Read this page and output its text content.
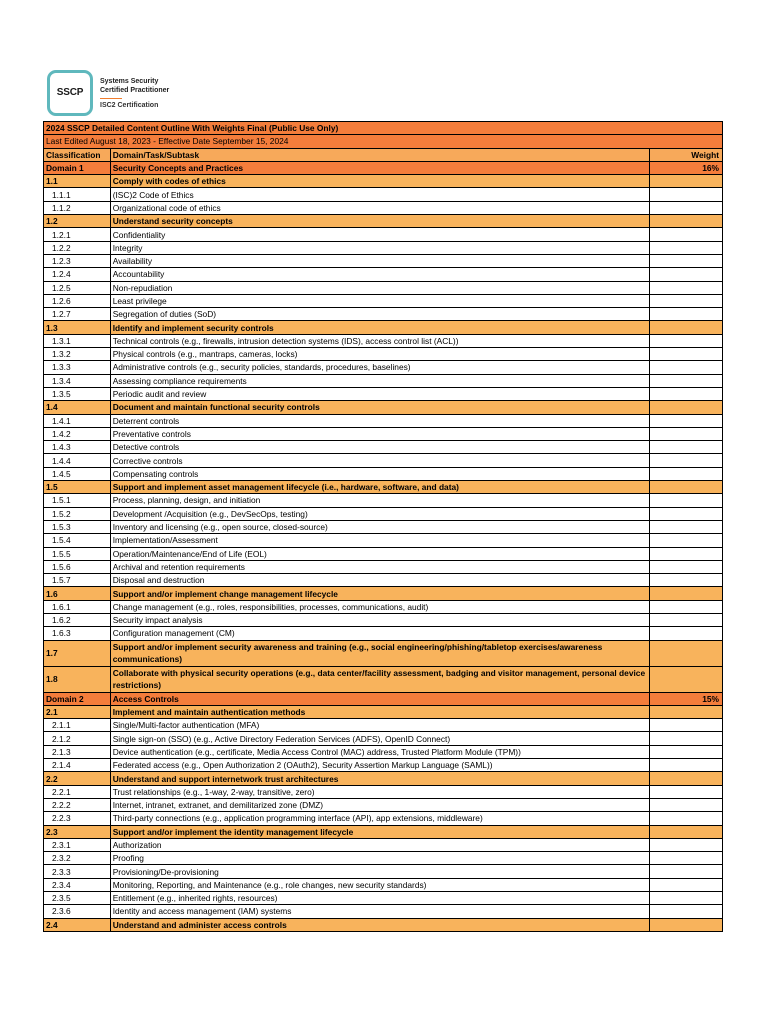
SSCP
Systems Security
Certified Practitioner
ISC2 Certification
2024 SSCP Detailed Content Outline With Weights Final (Public Use Only)		
Last Edited August 18, 2023 - Effective Date September 15, 2024		
Classification	Domain/Task/Subtask	Weight
Domain 1	Security Concepts and Practices	16%
1.1	Comply with codes of ethics	
1.1.1	(ISC)2 Code of Ethics	
1.1.2	Organizational code of ethics	
1.2	Understand security concepts	
1.2.1	Confidentiality	
1.2.2	Integrity	
1.2.3	Availability	
1.2.4	Accountability	
1.2.5	Non-repudiation	
1.2.6	Least privilege	
1.2.7	Segregation of duties (SoD)	
1.3	Identify and implement security controls	
1.3.1	Technical controls (e.g., firewalls, intrusion detection systems (IDS), access control list (ACL))	
1.3.2	Physical controls (e.g., mantraps, cameras, locks)	
1.3.3	Administrative controls (e.g., security policies, standards, procedures, baselines)	
1.3.4	Assessing compliance requirements	
1.3.5	Periodic audit and review	
1.4	Document and maintain functional security controls	
1.4.1	Deterrent controls	
1.4.2	Preventative controls	
1.4.3	Detective controls	
1.4.4	Corrective controls	
1.4.5	Compensating controls	
1.5	Support and implement asset management lifecycle (i.e., hardware, software, and data)	
1.5.1	Process, planning, design, and initiation	
1.5.2	Development /Acquisition (e.g., DevSecOps, testing)	
1.5.3	Inventory and licensing (e.g., open source, closed-source)	
1.5.4	Implementation/Assessment	
1.5.5	Operation/Maintenance/End of Life (EOL)	
1.5.6	Archival and retention requirements	
1.5.7	Disposal and destruction	
1.6	Support and/or implement change management lifecycle	
1.6.1	Change management (e.g., roles, responsibilities, processes, communications, audit)	
1.6.2	Security impact analysis	
1.6.3	Configuration management (CM)	
1.7	Support and/or implement security awareness and training (e.g., social engineering/phishing/tabletop exercises/awareness communications)	
1.8	Collaborate with physical security operations (e.g., data center/facility assessment, badging and visitor management, personal device restrictions)	
Domain 2	Access Controls	15%
2.1	Implement and maintain authentication methods	
2.1.1	Single/Multi-factor authentication (MFA)	
2.1.2	Single sign-on (SSO) (e.g., Active Directory Federation Services (ADFS), OpenID Connect)	
2.1.3	Device authentication (e.g., certificate, Media Access Control (MAC) address, Trusted Platform Module (TPM))	
2.1.4	Federated access (e.g., Open Authorization 2 (OAuth2), Security Assertion Markup Language (SAML))	
2.2	Understand and support internetwork trust architectures	
2.2.1	Trust relationships (e.g., 1-way, 2-way, transitive, zero)	
2.2.2	Internet, intranet, extranet, and demilitarized zone (DMZ)	
2.2.3	Third-party connections (e.g., application programming interface (API), app extensions, middleware)	
2.3	Support and/or implement the identity management lifecycle	
2.3.1	Authorization	
2.3.2	Proofing	
2.3.3	Provisioning/De-provisioning	
2.3.4	Monitoring, Reporting, and Maintenance (e.g., role changes, new security standards)	
2.3.5	Entitlement (e.g., inherited rights, resources)	
2.3.6	Identity and access management (IAM) systems	
2.4	Understand and administer access controls	
